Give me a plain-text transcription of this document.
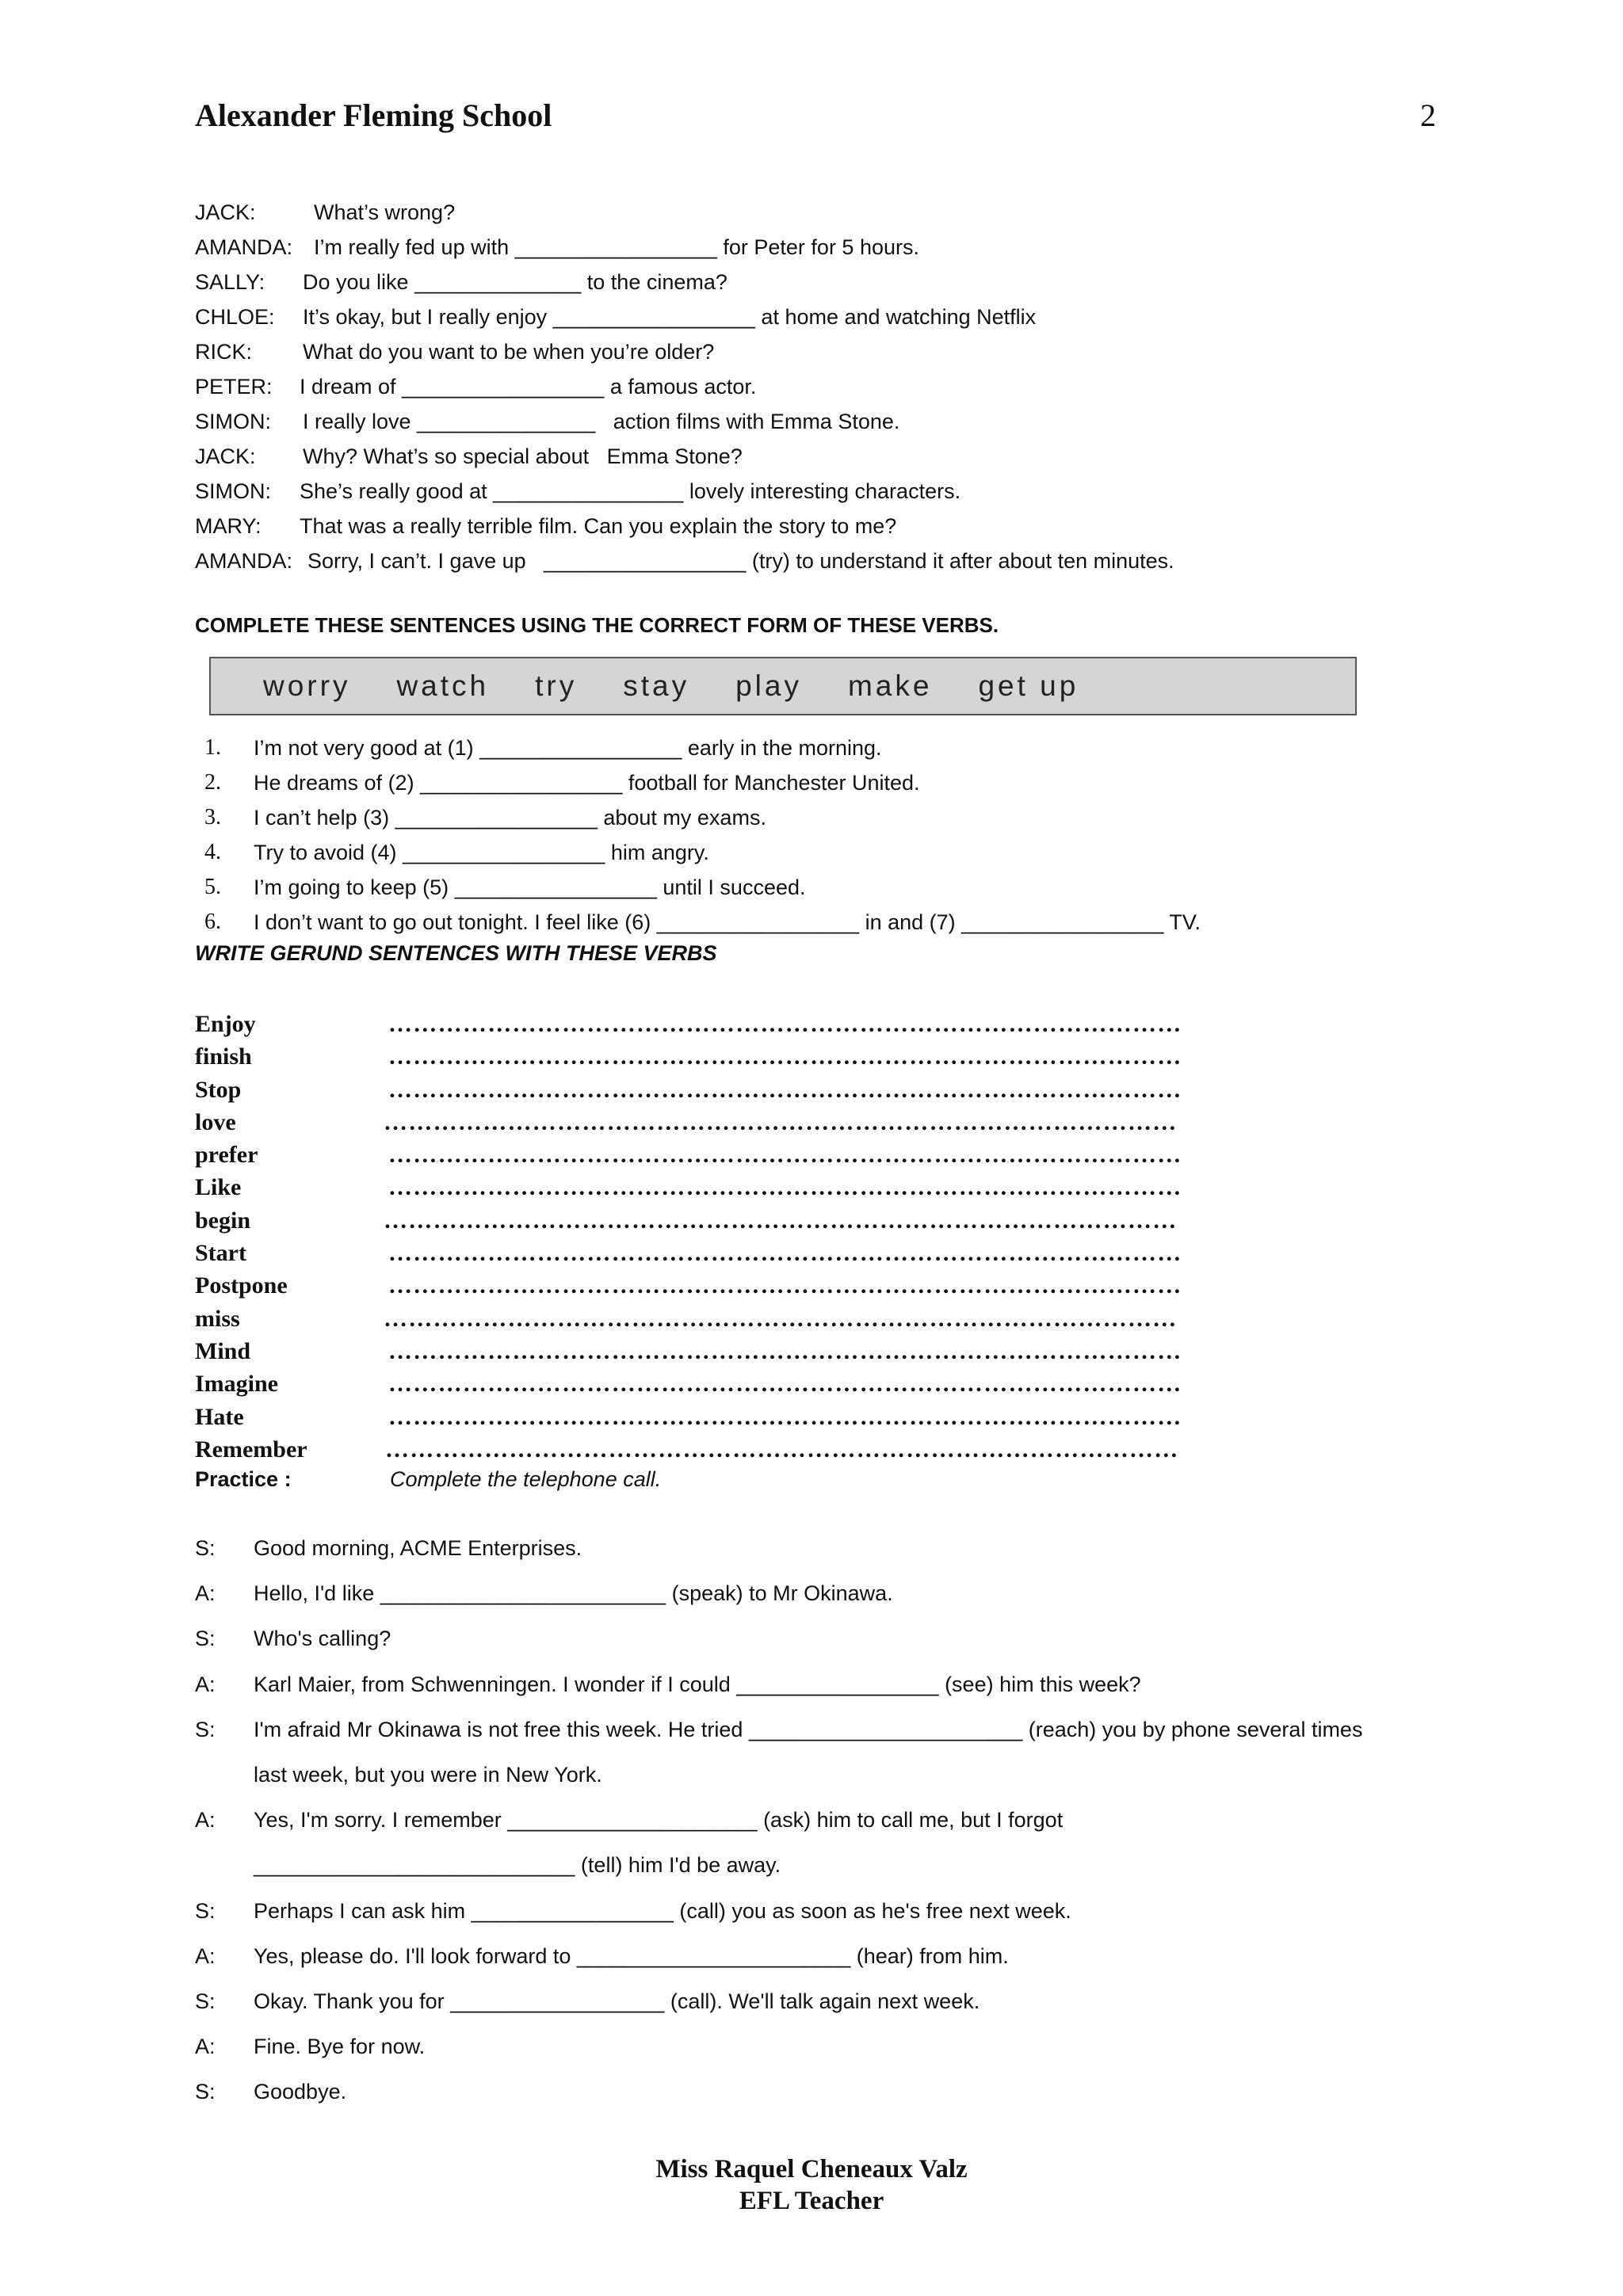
Alexander Fleming School	2
JACK:	What’s wrong?
AMANDA: I’m really fed up with _________________ for Peter for 5 hours.
SALLY:	Do you like ______________ to the cinema?
CHLOE:	It’s okay, but I really enjoy _________________ at home and watching Netflix
RICK:	What do you want to be when you’re older?
PETER:	I dream of _________________ a famous actor.
SIMON:	I really love _______________   action films with Emma Stone.
JACK:	Why? What’s so special about   Emma Stone?
SIMON:	She’s really good at ________________ lovely interesting characters.
MARY:	That was a really terrible film. Can you explain the story to me?
AMANDA: Sorry, I can’t. I gave up   _________________ (try) to understand it after about ten minutes.
COMPLETE THESE SENTENCES USING THE CORRECT FORM OF THESE VERBS.
worry watch try stay play make get up
1.	I’m not very good at (1) _________________ early in the morning.
2.	He dreams of (2) _________________ football for Manchester United.
3.	I can’t help (3) _________________ about my exams.
4.	Try to avoid (4) _________________ him angry.
5.	I’m going to keep (5) _________________ until I succeed.
6.	I don’t want to go out tonight. I feel like (6) _________________ in and (7) _________________ TV.
WRITE GERUND SENTENCES WITH THESE VERBS
Enjoy	……………………………………………………………………………………
finish	……………………………………………………………………………………
Stop	……………………………………………………………………………………
love	……………………………………………………………………………………
prefer	……………………………………………………………………………………
Like	……………………………………………………………………………………
begin	……………………………………………………………………………………
Start	……………………………………………………………………………………
Postpone	……………………………………………………………………………………
miss	……………………………………………………………………………………
Mind	……………………………………………………………………………………
Imagine	……………………………………………………………………………………
Hate	……………………………………………………………………………………
Remember	……………………………………………………………………………………
Practice :	Complete the telephone call.
S:	Good morning, ACME Enterprises.
A:	Hello, I'd like ________________________ (speak) to Mr Okinawa.
S:	Who's calling?
A:	Karl Maier, from Schwenningen. I wonder if I could _________________ (see) him this week?
S:	I'm afraid Mr Okinawa is not free this week. He tried _______________________ (reach) you by phone several times
last week, but you were in New York.
A:	Yes, I'm sorry. I remember _____________________ (ask) him to call me, but I forgot
___________________________ (tell) him I'd be away.
S:	Perhaps I can ask him _________________ (call) you as soon as he's free next week.
A:	Yes, please do. I'll look forward to _______________________ (hear) from him.
S:	Okay. Thank you for __________________ (call). We'll talk again next week.
A:	Fine. Bye for now.
S:	Goodbye.
Miss Raquel Cheneaux Valz
EFL Teacher
